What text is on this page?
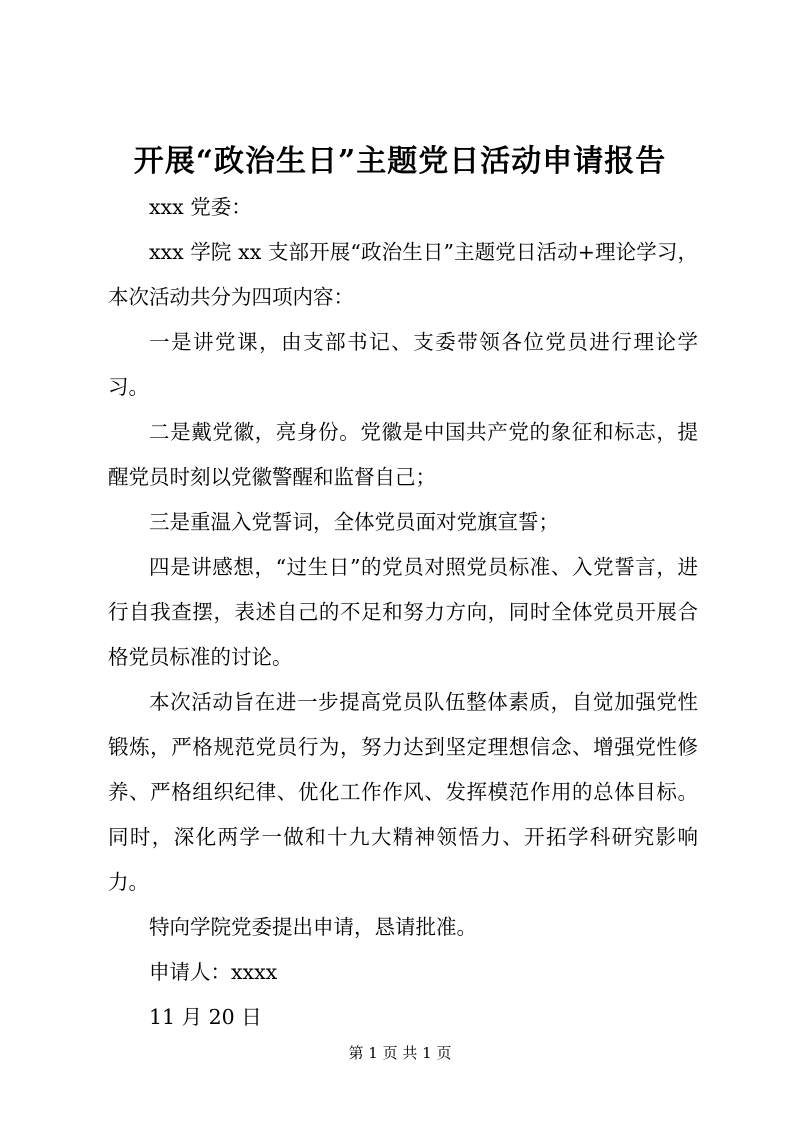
开展“政治生日”主题党日活动申请报告

xxx 党委：

xxx 学院 xx 支部开展“政治生日”主题党日活动+理论学习，本次活动共分为四项内容：

一是讲党课，由支部书记、支委带领各位党员进行理论学习。

二是戴党徽，亮身份。党徽是中国共产党的象征和标志，提醒党员时刻以党徽警醒和监督自己；

三是重温入党誓词，全体党员面对党旗宣誓；

四是讲感想，“过生日”的党员对照党员标准、入党誓言，进行自我查摆，表述自己的不足和努力方向，同时全体党员开展合格党员标准的讨论。

本次活动旨在进一步提高党员队伍整体素质，自觉加强党性锻炼，严格规范党员行为，努力达到坚定理想信念、增强党性修养、严格组织纪律、优化工作作风、发挥模范作用的总体目标。同时，深化两学一做和十九大精神领悟力、开拓学科研究影响力。

特向学院党委提出申请，恳请批准。

申请人：xxxx

11 月 20 日

第 1 页 共 1 页
